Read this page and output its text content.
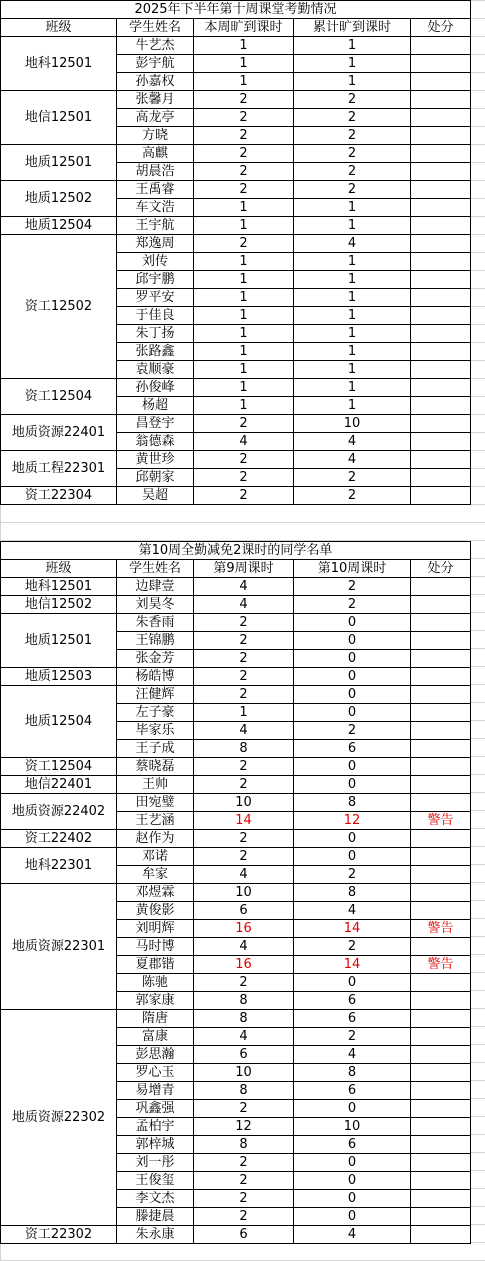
2025年下半年第十周课堂考勤情况				
班级	学生姓名	本周旷到课时	累计旷到课时	处分
地科12501	牛艺杰	1	1	
	彭宇航	1	1	
	孙嘉权	1	1	
地信12501	张馨月	2	2	
	高龙亭	2	2	
	方晓	2	2	
地质12501	高麒	2	2	
	胡晨浩	2	2	
地质12502	王禹睿	2	2	
	车文浩	1	1	
地质12504	王宇航	1	1	
资工12502	郑逸周	2	4	
	刘传	1	1	
	邱宇鹏	1	1	
	罗平安	1	1	
	于佳良	1	1	
	朱丁扬	1	1	
	张路鑫	1	1	
	袁顺豪	1	1	
资工12504	孙俊峰	1	1	
	杨超	1	1	
地质资源22401	昌登宇	2	10	
	翁德森	4	4	
地质工程22301	黄世珍	2	4	
	邱朝家	2	2	
资工22304	吴超	2	2	
第10周全勤减免2课时的同学名单				
班级	学生姓名	第9周课时	第10周课时	处分
地科12501	边肆壹	4	2	
地信12502	刘昊冬	4	2	
地质12501	朱香雨	2	0	
	王锦鹏	2	0	
	张金芳	2	0	
地质12503	杨皓博	2	0	
地质12504	汪健辉	2	0	
	左子豪	1	0	
	毕家乐	4	2	
	王子成	8	6	
资工12504	蔡晓磊	2	0	
地信22401	王帅	2	0	
地质资源22402	田宛璧	10	8	
	王艺涵	14	12	警告
资工22402	赵作为	2	0	
地科22301	邓诺	2	0	
	牟家	4	2	
地质资源22301	邓煜霖	10	8	
	黄俊影	6	4	
	刘明辉	16	14	警告
	马时博	4	2	
	夏郡锴	16	14	警告
	陈驰	2	0	
	郭家康	8	6	
地质资源22302	隋唐	8	6	
	富康	4	2	
	彭思瀚	6	4	
	罗心玉	10	8	
	易增青	8	6	
	巩鑫强	2	0	
	孟柏宇	12	10	
	郭梓城	8	6	
	刘一彤	2	0	
	王俊玺	2	0	
	李文杰	2	0	
	滕捷晨	2	0	
资工22302	朱永康	6	4	
